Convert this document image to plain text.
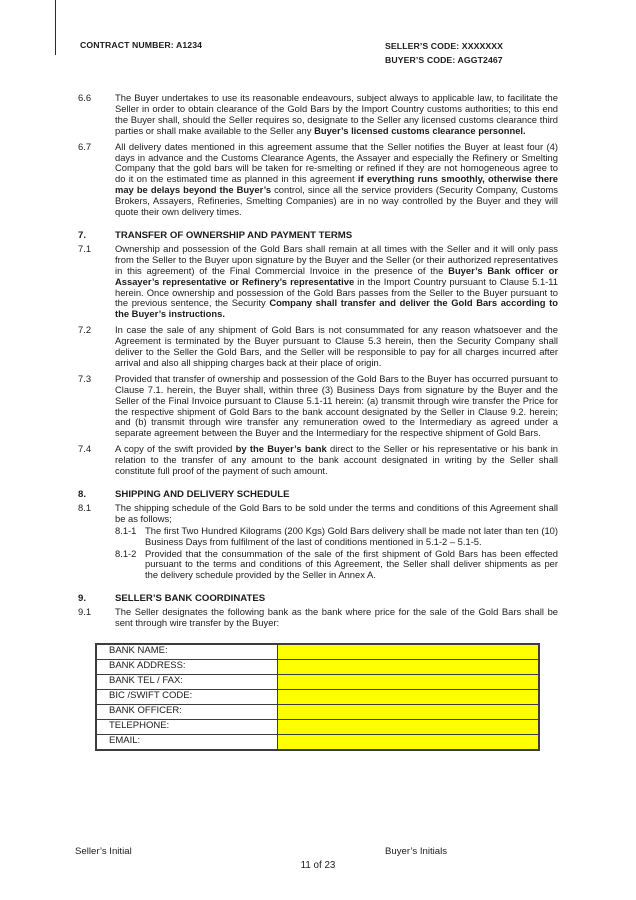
CONTRACT NUMBER: A1234	SELLER’S CODE: XXXXXXX
BUYER’S CODE: AGGT2467
6.6	The Buyer undertakes to use its reasonable endeavours, subject always to applicable law, to facilitate the Seller in order to obtain clearance of the Gold Bars by the Import Country customs authorities; to this end the Buyer shall, should the Seller requires so, designate to the Seller any licensed customs clearance third parties or shall make available to the Seller any Buyer’s licensed customs clearance personnel.
6.7	All delivery dates mentioned in this agreement assume that the Seller notifies the Buyer at least four (4) days in advance and the Customs Clearance Agents, the Assayer and especially the Refinery or Smelting Company that the gold bars will be taken for re-smelting or refined if they are not homogeneous agree to do it on the estimated time as planned in this agreement if everything runs smoothly, otherwise there may be delays beyond the Buyer’s control, since all the service providers (Security Company, Customs Brokers, Assayers, Refineries, Smelting Companies) are in no way controlled by the Buyer and they will quote their own delivery times.
7.	TRANSFER OF OWNERSHIP AND PAYMENT TERMS
7.1	Ownership and possession of the Gold Bars shall remain at all times with the Seller and it will only pass from the Seller to the Buyer upon signature by the Buyer and the Seller (or their authorized representatives in this agreement) of the Final Commercial Invoice in the presence of the Buyer’s Bank officer or Assayer’s representative or Refinery’s representative in the Import Country pursuant to Clause 5.1-11 herein. Once ownership and possession of the Gold Bars passes from the Seller to the Buyer pursuant to the previous sentence, the Security Company shall transfer and deliver the Gold Bars according to the Buyer’s instructions.
7.2	In case the sale of any shipment of Gold Bars is not consummated for any reason whatsoever and the Agreement is terminated by the Buyer pursuant to Clause 5.3 herein, then the Security Company shall deliver to the Seller the Gold Bars, and the Seller will be responsible to pay for all charges incurred after arrival and also all shipping charges back at their place of origin.
7.3	Provided that transfer of ownership and possession of the Gold Bars to the Buyer has occurred pursuant to Clause 7.1. herein, the Buyer shall, within three (3) Business Days from signature by the Buyer and the Seller of the Final Invoice pursuant to Clause 5.1-11 herein: (a) transmit through wire transfer the Price for the respective shipment of Gold Bars to the bank account designated by the Seller in Clause 9.2. herein; and (b) transmit through wire transfer any remuneration owed to the Intermediary as agreed under a separate agreement between the Buyer and the Intermediary for the respective shipment of Gold Bars.
7.4	A copy of the swift provided by the Buyer’s bank direct to the Seller or his representative or his bank in relation to the transfer of any amount to the bank account designated in writing by the Seller shall constitute full proof of the payment of such amount.
8.	SHIPPING AND DELIVERY SCHEDULE
8.1	The shipping schedule of the Gold Bars to be sold under the terms and conditions of this Agreement shall be as follows;
8.1-1 The first Two Hundred Kilograms (200 Kgs) Gold Bars delivery shall be made not later than ten (10) Business Days from fulfilment of the last of conditions mentioned in 5.1-2 – 5.1-5.
8.1-2 Provided that the consummation of the sale of the first shipment of Gold Bars has been effected pursuant to the terms and conditions of this Agreement, the Seller shall deliver shipments as per the delivery schedule provided by the Seller in Annex A.
9.	SELLER’S BANK COORDINATES
9.1	The Seller designates the following bank as the bank where price for the sale of the Gold Bars shall be sent through wire transfer by the Buyer:
BANK NAME:	
BANK ADDRESS:	
BANK TEL / FAX:	
BIC /SWIFT CODE:	
BANK OFFICER:	
TELEPHONE:	
EMAIL:	
Seller’s Initial	Buyer’s Initials
11 of 23
